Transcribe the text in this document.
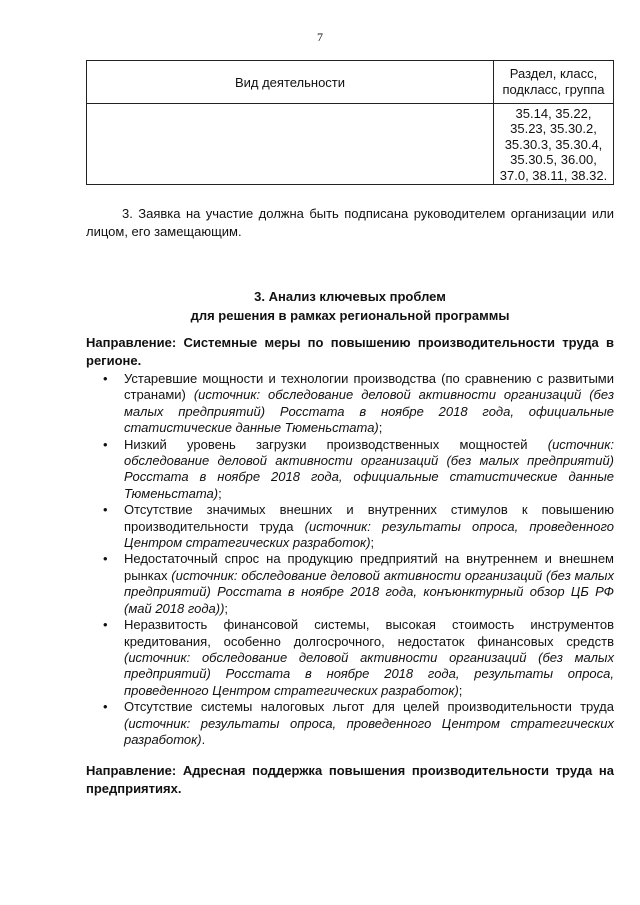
7
Вид деятельности	Раздел, класс,
подкласс, группа

	35.14, 35.22,
35.23, 35.30.2,
35.30.3, 35.30.4,
35.30.5, 36.00,
37.0, 38.11, 38.32.
3. Заявка на участие должна быть подписана руководителем организации или лицом, его замещающим.
3. Анализ ключевых проблем
для решения в рамках региональной программы
Направление: Системные меры по повышению производительности труда в регионе.
• Устаревшие мощности и технологии производства (по сравнению с развитыми странами) (источник: обследование деловой активности организаций (без малых предприятий) Росстата в ноябре 2018 года, официальные статистические данные Тюменьстата);
• Низкий уровень загрузки производственных мощностей (источник: обследование деловой активности организаций (без малых предприятий) Росстата в ноябре 2018 года, официальные статистические данные Тюменьстата);
• Отсутствие значимых внешних и внутренних стимулов к повышению производительности труда (источник: результаты опроса, проведенного Центром стратегических разработок);
• Недостаточный спрос на продукцию предприятий на внутреннем и внешнем рынках (источник: обследование деловой активности организаций (без малых предприятий) Росстата в ноябре 2018 года, конъюнктурный обзор ЦБ РФ (май 2018 года));
• Неразвитость финансовой системы, высокая стоимость инструментов кредитования, особенно долгосрочного, недостаток финансовых средств (источник: обследование деловой активности организаций (без малых предприятий) Росстата в ноябре 2018 года, результаты опроса, проведенного Центром стратегических разработок);
• Отсутствие системы налоговых льгот для целей производительности труда (источник: результаты опроса, проведенного Центром стратегических разработок).
Направление: Адресная поддержка повышения производительности труда на предприятиях.
